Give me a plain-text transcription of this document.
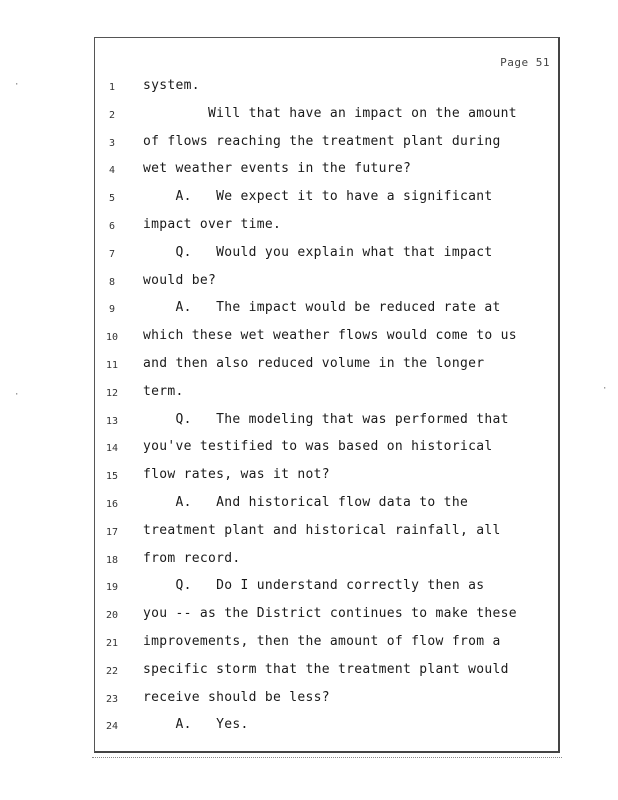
Page 51
1	system.
2	Will that have an impact on the amount
3	of flows reaching the treatment plant during
4	wet weather events in the future?
5	A.   We expect it to have a significant
6	impact over time.
7	Q.   Would you explain what that impact
8	would be?
9	A.   The impact would be reduced rate at
10	which these wet weather flows would come to us
11	and then also reduced volume in the longer
12	term.
13	Q.   The modeling that was performed that
14	you've testified to was based on historical
15	flow rates, was it not?
16	A.   And historical flow data to the
17	treatment plant and historical rainfall, all
18	from record.
19	Q.   Do I understand correctly then as
20	you -- as the District continues to make these
21	improvements, then the amount of flow from a
22	specific storm that the treatment plant would
23	receive should be less?
24	A.   Yes.
·
·
·
